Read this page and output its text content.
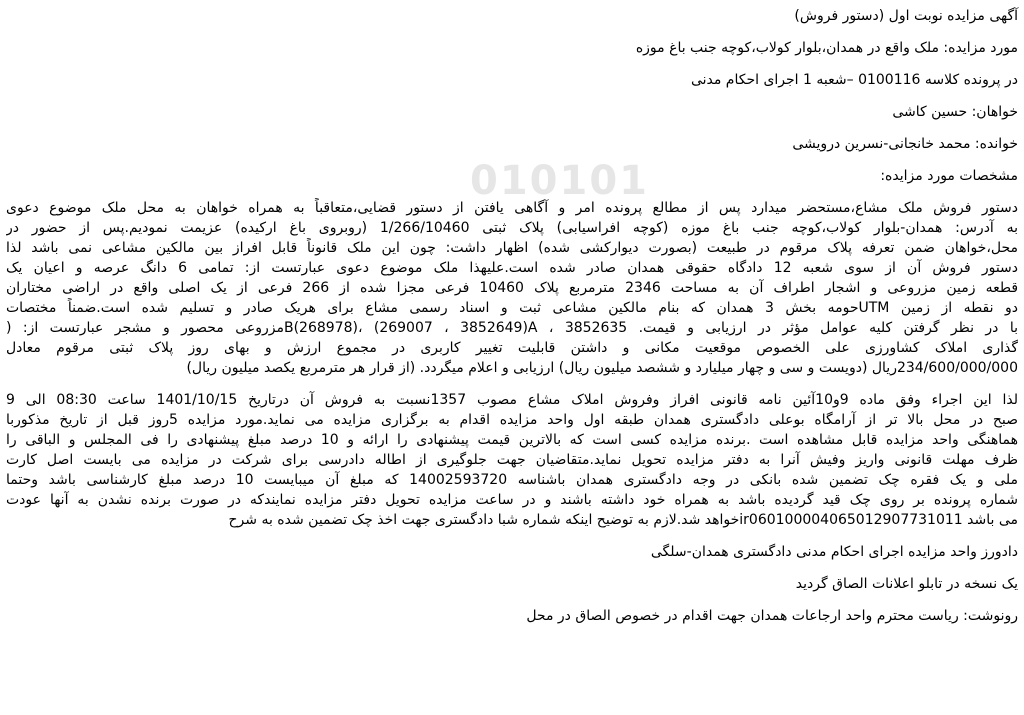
010101
آگهی مزایده نوبت اول (دستور فروش)
مورد مزایده: ملک واقع در همدان،بلوار کولاب،کوچه جنب باغ موزه
در پرونده کلاسه 0100116 –شعبه 1 اجرای احکام مدنی
خواهان: حسین کاشی
خوانده: محمد خانجانی-نسرین درویشی
مشخصات مورد مزایده:
دستور فروش ملک مشاع،مستحضر میدارد پس از مطالع پرونده امر و آگاهی یافتن از دستور قضایی،متعاقباً به همراه خواهان به محل ملک موضوع دعوی
به آدرس: همدان-بلوار کولاب،کوچه جنب باغ موزه (کوچه افراسیابی) پلاک ثبتی 1/266/10460 (روبروی باغ ارکیده) عزیمت نمودیم.پس از حضور در
محل،خواهان ضمن تعرفه پلاک مرقوم در طبیعت (بصورت دیوارکشی شده) اظهار داشت: چون این ملک قانوناً قابل افراز بین مالکین مشاعی نمی باشد لذا
دستور فروش آن از سوی شعبه 12 دادگاه حقوقی همدان صادر شده است.علیهذا ملک موضوع دعوی عبارتست از: تمامی 6 دانگ عرصه و اعیان یک
قطعه زمین مزروعی و اشجار اطراف آن به مساحت 2346 مترمربع پلاک 10460 فرعی مجزا شده از 266 فرعی از یک اصلی واقع در اراضی مختاران
دو نقطه از زمین UTMحومه بخش 3 همدان که بنام مالکین مشاعی ثبت و اسناد رسمی مشاع برای هریک صادر و تسلیم شده است.ضمناً مختصات
با در نظر گرفتن کلیه عوامل مؤثر در ارزیابی و قیمت. 3852635 ، B(268978)، (269007 ، 3852649)Aمزروعی محصور و مشجر عبارتست از: (
گذاری املاک کشاورزی علی الخصوص موقعیت مکانی و داشتن قابلیت تغییر کاربری در مجموع ارزش و بهای روز پلاک ثبتی مرقوم معادل
234/600/000/000ریال (دویست و سی و چهار میلیارد و ششصد میلیون ریال) ارزیابی و اعلام میگردد. (از قرار هر مترمربع یکصد میلیون ریال)
لذا این اجراء وفق ماده 9و10آئین نامه قانونی افراز وفروش املاک مشاع مصوب 1357نسبت به فروش آن درتاریخ 1401/10/15 ساعت 08:30 الی 9
صبح در محل بالا تر از آرامگاه بوعلی دادگستری همدان طبقه اول واحد مزایده اقدام به برگزاری مزایده می نماید.مورد مزایده 5روز قبل از تاریخ مذکوربا
هماهنگی واحد مزایده قابل مشاهده است .برنده مزایده کسی است که بالاترین قیمت پیشنهادی را ارائه و 10 درصد مبلغ پیشنهادی را فی المجلس و الباقی را
ظرف مهلت قانونی واریز وفیش آنرا به دفتر مزایده تحویل نماید.متقاضیان جهت جلوگیری از اطاله دادرسی برای شرکت در مزایده می بایست اصل کارت
ملی و یک فقره چک تضمین شده بانکی در وجه دادگستری همدان باشناسه 14002593720 که مبلغ آن میبایست 10 درصد مبلغ کارشناسی باشد وحتما
شماره پرونده بر روی چک قید گردیده باشد به همراه خود داشته باشند و در ساعت مزایده تحویل دفتر مزایده نمایندکه در صورت برنده نشدن به آنها عودت
می باشد ir060100004065012907731011خواهد شد.لازم به توضیح اینکه شماره شبا دادگستری جهت اخذ چک تضمین شده به شرح
دادورز واحد مزایده اجرای احکام مدنی دادگستری همدان-سلگی
یک نسخه در تابلو اعلانات الصاق گردید
رونوشت: ریاست محترم واحد ارجاعات همدان جهت اقدام در خصوص الصاق در محل
